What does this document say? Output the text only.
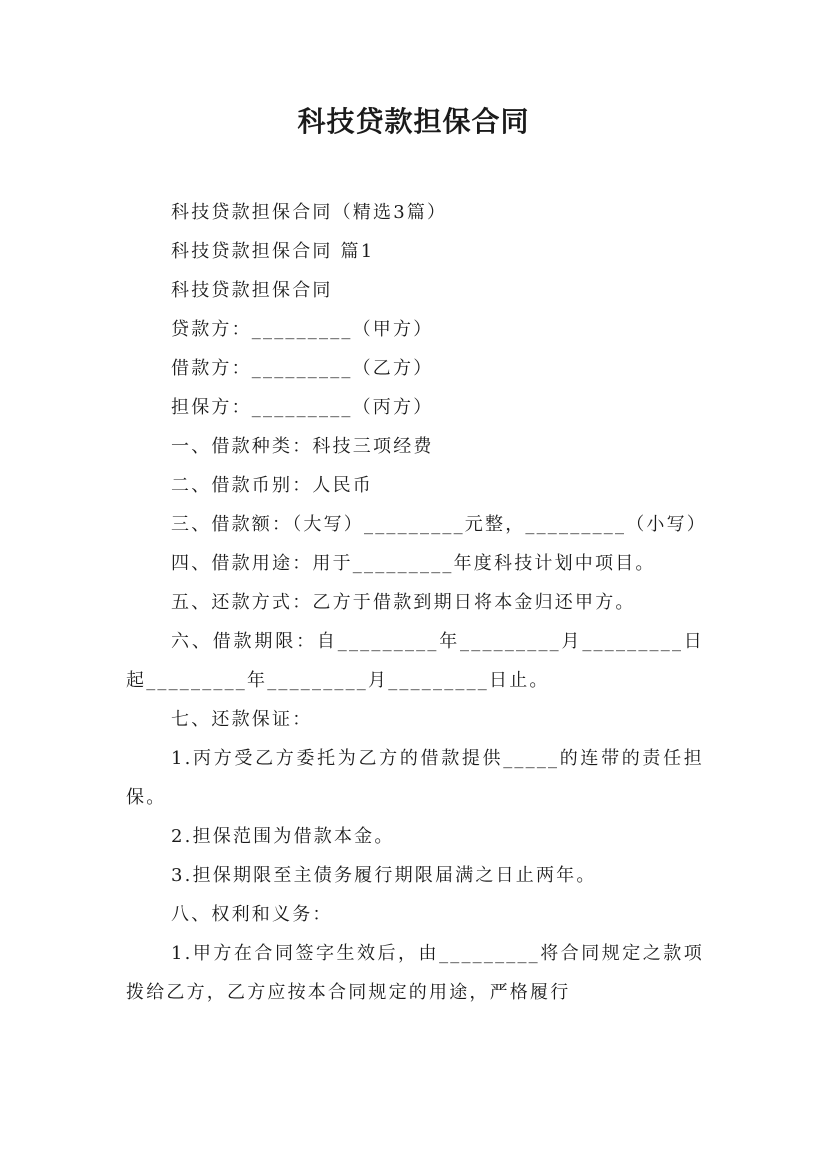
科技贷款担保合同

科技贷款担保合同（精选3篇）

科技贷款担保合同 篇1

科技贷款担保合同

贷款方：_________（甲方）

借款方：_________（乙方）

担保方：_________（丙方）

一、借款种类：科技三项经费

二、借款币别：人民币

三、借款额：（大写）_________元整，_________（小写）

四、借款用途：用于_________年度科技计划中项目。

五、还款方式：乙方于借款到期日将本金归还甲方。

六、借款期限：自_________年_________月_________日起_________年_________月_________日止。

七、还款保证：

1.丙方受乙方委托为乙方的借款提供_____的连带的责任担保。

2.担保范围为借款本金。

3.担保期限至主债务履行期限届满之日止两年。

八、权利和义务：

1.甲方在合同签字生效后，由_________将合同规定之款项拨给乙方，乙方应按本合同规定的用途，严格履行
